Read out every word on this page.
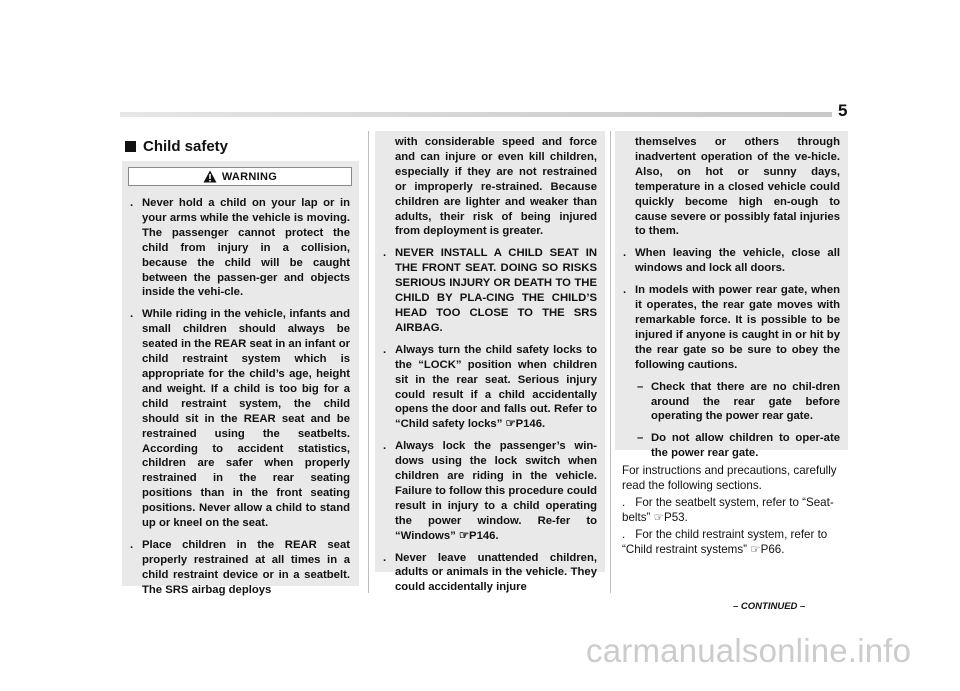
5
Child safety
WARNING

. Never hold a child on your lap or in your arms while the vehicle is moving. The passenger cannot protect the child from injury in a collision, because the child will be caught between the passen-ger and objects inside the vehi-cle.

. While riding in the vehicle, infants and small children should always be seated in the REAR seat in an infant or child restraint system which is appropriate for the child’s age, height and weight. If a child is too big for a child restraint system, the child should sit in the REAR seat and be restrained using the seatbelts. According to accident statistics, children are safer when properly restrained in the rear seating positions than in the front seating positions. Never allow a child to stand up or kneel on the seat.

. Place children in the REAR seat properly restrained at all times in a child restraint device or in a seatbelt. The SRS airbag deploys

with considerable speed and force and can injure or even kill children, especially if they are not restrained or improperly re-strained. Because children are lighter and weaker than adults, their risk of being injured from deployment is greater.

. NEVER INSTALL A CHILD SEAT IN THE FRONT SEAT. DOING SO RISKS SERIOUS INJURY OR DEATH TO THE CHILD BY PLA-CING THE CHILD’S HEAD TOO CLOSE TO THE SRS AIRBAG.

. Always turn the child safety locks to the “LOCK” position when children sit in the rear seat. Serious injury could result if a child accidentally opens the door and falls out. Refer to “Child safety locks” ☞P146.

. Always lock the passenger’s win-dows using the lock switch when children are riding in the vehicle. Failure to follow this procedure could result in injury to a child operating the power window. Re-fer to “Windows” ☞P146.

. Never leave unattended children, adults or animals in the vehicle. They could accidentally injure

themselves or others through inadvertent operation of the ve-hicle. Also, on hot or sunny days, temperature in a closed vehicle could quickly become high en-ough to cause severe or possibly fatal injuries to them.

. When leaving the vehicle, close all windows and lock all doors.

. In models with power rear gate, when it operates, the rear gate moves with remarkable force. It is possible to be injured if anyone is caught in or hit by the rear gate so be sure to obey the following cautions.

– Check that there are no chil-dren around the rear gate before operating the power rear gate.

– Do not allow children to oper-ate the power rear gate.

For instructions and precautions, carefully read the following sections.

. For the seatbelt system, refer to “Seat-belts” ☞P53.

. For the child restraint system, refer to “Child restraint systems” ☞P66.

– CONTINUED –
carmanualsonline.info
